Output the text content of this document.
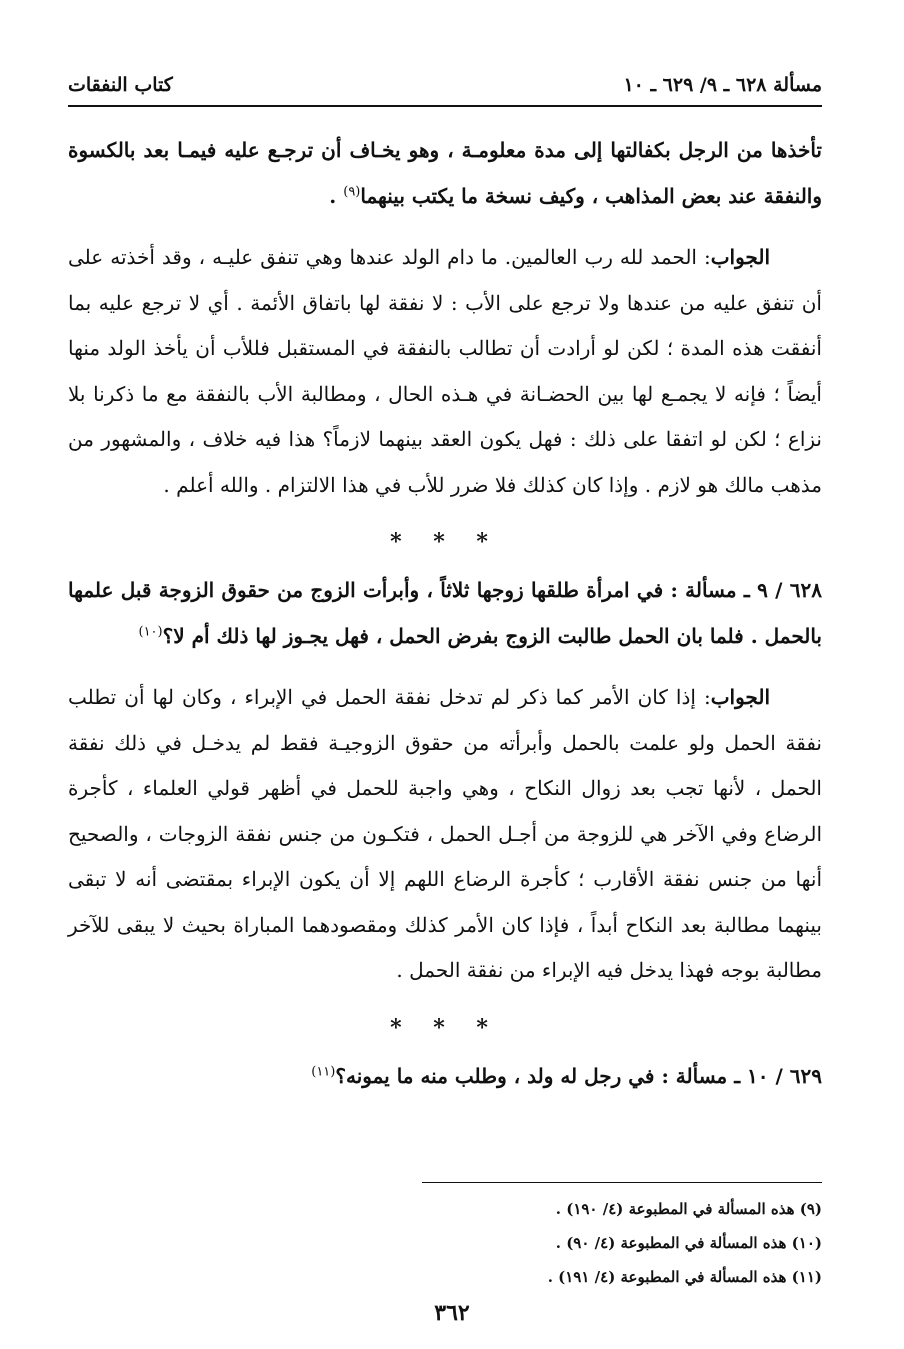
مسألة ٦٢٨ ـ ٩/ ٦٢٩ ـ ١٠
كتاب النفقات

تأخذها من الرجل بكفالتها إلى مدة معلومـة ، وهو يخـاف أن ترجـع عليه فيمـا بعد بالكسوة والنفقة عند بعض المذاهب ، وكيف نسخة ما يكتب بينهما$^{(٩)}$ .

الجواب: الحمد لله رب العالمين. ما دام الولد عندها وهي تنفق عليـه ، وقد أخذته على أن تنفق عليه من عندها ولا ترجع على الأب : لا نفقة لها باتفاق الأئمة . أي لا ترجع عليه بما أنفقت هذه المدة ؛ لكن لو أرادت أن تطالب بالنفقة في المستقبل فللأب أن يأخذ الولد منها أيضاً ؛ فإنه لا يجمـع لها بين الحضـانة في هـذه الحال ، ومطالبة الأب بالنفقة مع ما ذكرنا بلا نزاع ؛ لكن لو اتفقا على ذلك : فهل يكون العقد بينهما لازماً؟ هذا فيه خلاف ، والمشهور من مذهب مالك هو لازم . وإذا كان كذلك فلا ضرر للأب في هذا الالتزام . والله أعلم .

* * *

٦٢٨ / ٩ ـ مسألة : في امرأة طلقها زوجها ثلاثاً ، وأبرأت الزوج من حقوق الزوجة قبل علمها بالحمل . فلما بان الحمل طالبت الزوج بفرض الحمل ، فهل يجـوز لها ذلك أم لا؟$^{(١٠)}$

الجواب: إذا كان الأمر كما ذكر لم تدخل نفقة الحمل في الإبراء ، وكان لها أن تطلب نفقة الحمل ولو علمت بالحمل وأبرأته من حقوق الزوجيـة فقط لم يدخـل في ذلك نفقة الحمل ، لأنها تجب بعد زوال النكاح ، وهي واجبة للحمل في أظهر قولي العلماء ، كأجرة الرضاع وفي الآخر هي للزوجة من أجـل الحمل ، فتكـون من جنس نفقة الزوجات ، والصحيح أنها من جنس نفقة الأقارب ؛ كأجرة الرضاع اللهم إلا أن يكون الإبراء بمقتضى أنه لا تبقى بينهما مطالبة بعد النكاح أبداً ، فإذا كان الأمر كذلك ومقصودهما المباراة بحيث لا يبقى للآخر مطالبة بوجه فهذا يدخل فيه الإبراء من نفقة الحمل .

* * *

٦٢٩ / ١٠ ـ مسألة : في رجل له ولد ، وطلب منه ما يمونه؟$^{(١١)}$

(٩) هذه المسألة في المطبوعة (٤/ ١٩٠) .
(١٠) هذه المسألة في المطبوعة (٤/ ٩٠) .
(١١) هذه المسألة في المطبوعة (٤/ ١٩١) .
٣٦٢
